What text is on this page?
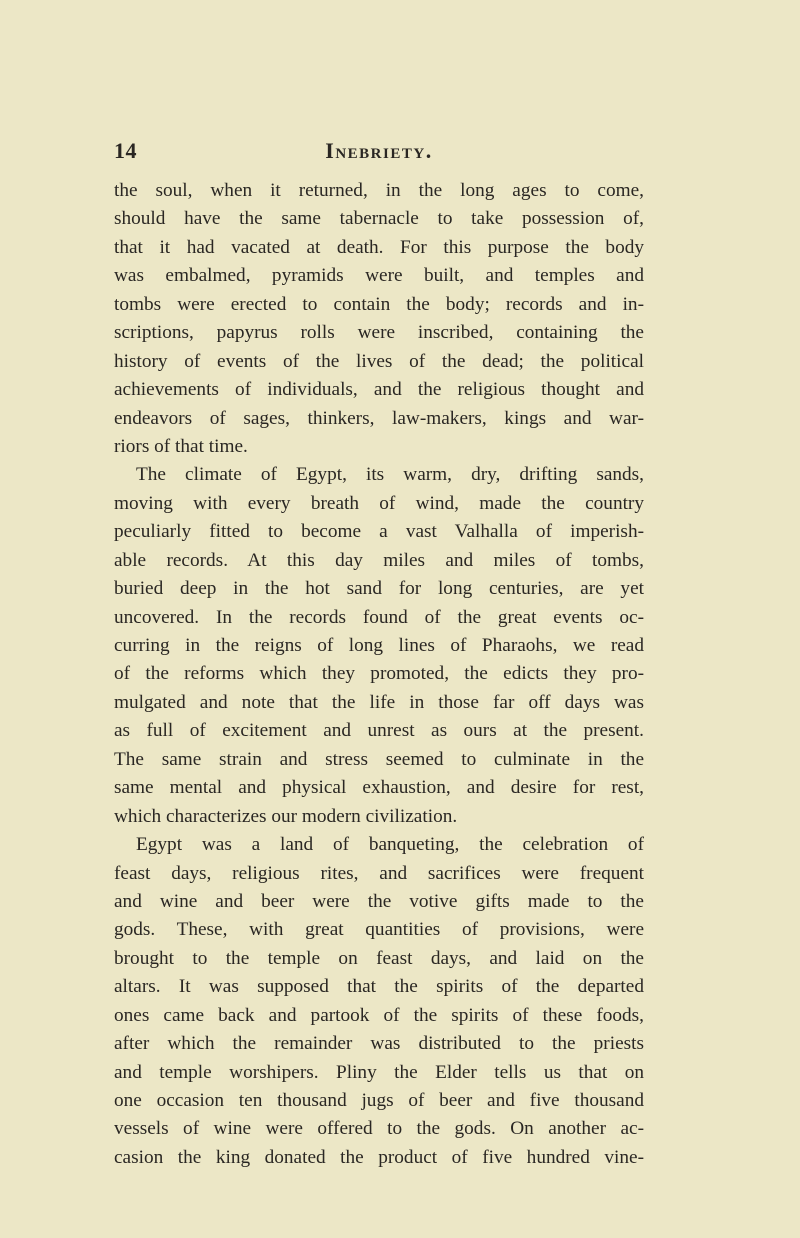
14	Inebriety.
the soul, when it returned, in the long ages to come,
should have the same tabernacle to take possession of,
that it had vacated at death. For this purpose the body
was embalmed, pyramids were built, and temples and
tombs were erected to contain the body; records and in-
scriptions, papyrus rolls were inscribed, containing the
history of events of the lives of the dead; the political
achievements of individuals, and the religious thought and
endeavors of sages, thinkers, law-makers, kings and war-
riors of that time.
The climate of Egypt, its warm, dry, drifting sands,
moving with every breath of wind, made the country
peculiarly fitted to become a vast Valhalla of imperish-
able records. At this day miles and miles of tombs,
buried deep in the hot sand for long centuries, are yet
uncovered. In the records found of the great events oc-
curring in the reigns of long lines of Pharaohs, we read
of the reforms which they promoted, the edicts they pro-
mulgated and note that the life in those far off days was
as full of excitement and unrest as ours at the present.
The same strain and stress seemed to culminate in the
same mental and physical exhaustion, and desire for rest,
which characterizes our modern civilization.
Egypt was a land of banqueting, the celebration of
feast days, religious rites, and sacrifices were frequent
and wine and beer were the votive gifts made to the
gods. These, with great quantities of provisions, were
brought to the temple on feast days, and laid on the
altars. It was supposed that the spirits of the departed
ones came back and partook of the spirits of these foods,
after which the remainder was distributed to the priests
and temple worshipers. Pliny the Elder tells us that on
one occasion ten thousand jugs of beer and five thousand
vessels of wine were offered to the gods. On another ac-
casion the king donated the product of five hundred vine-
